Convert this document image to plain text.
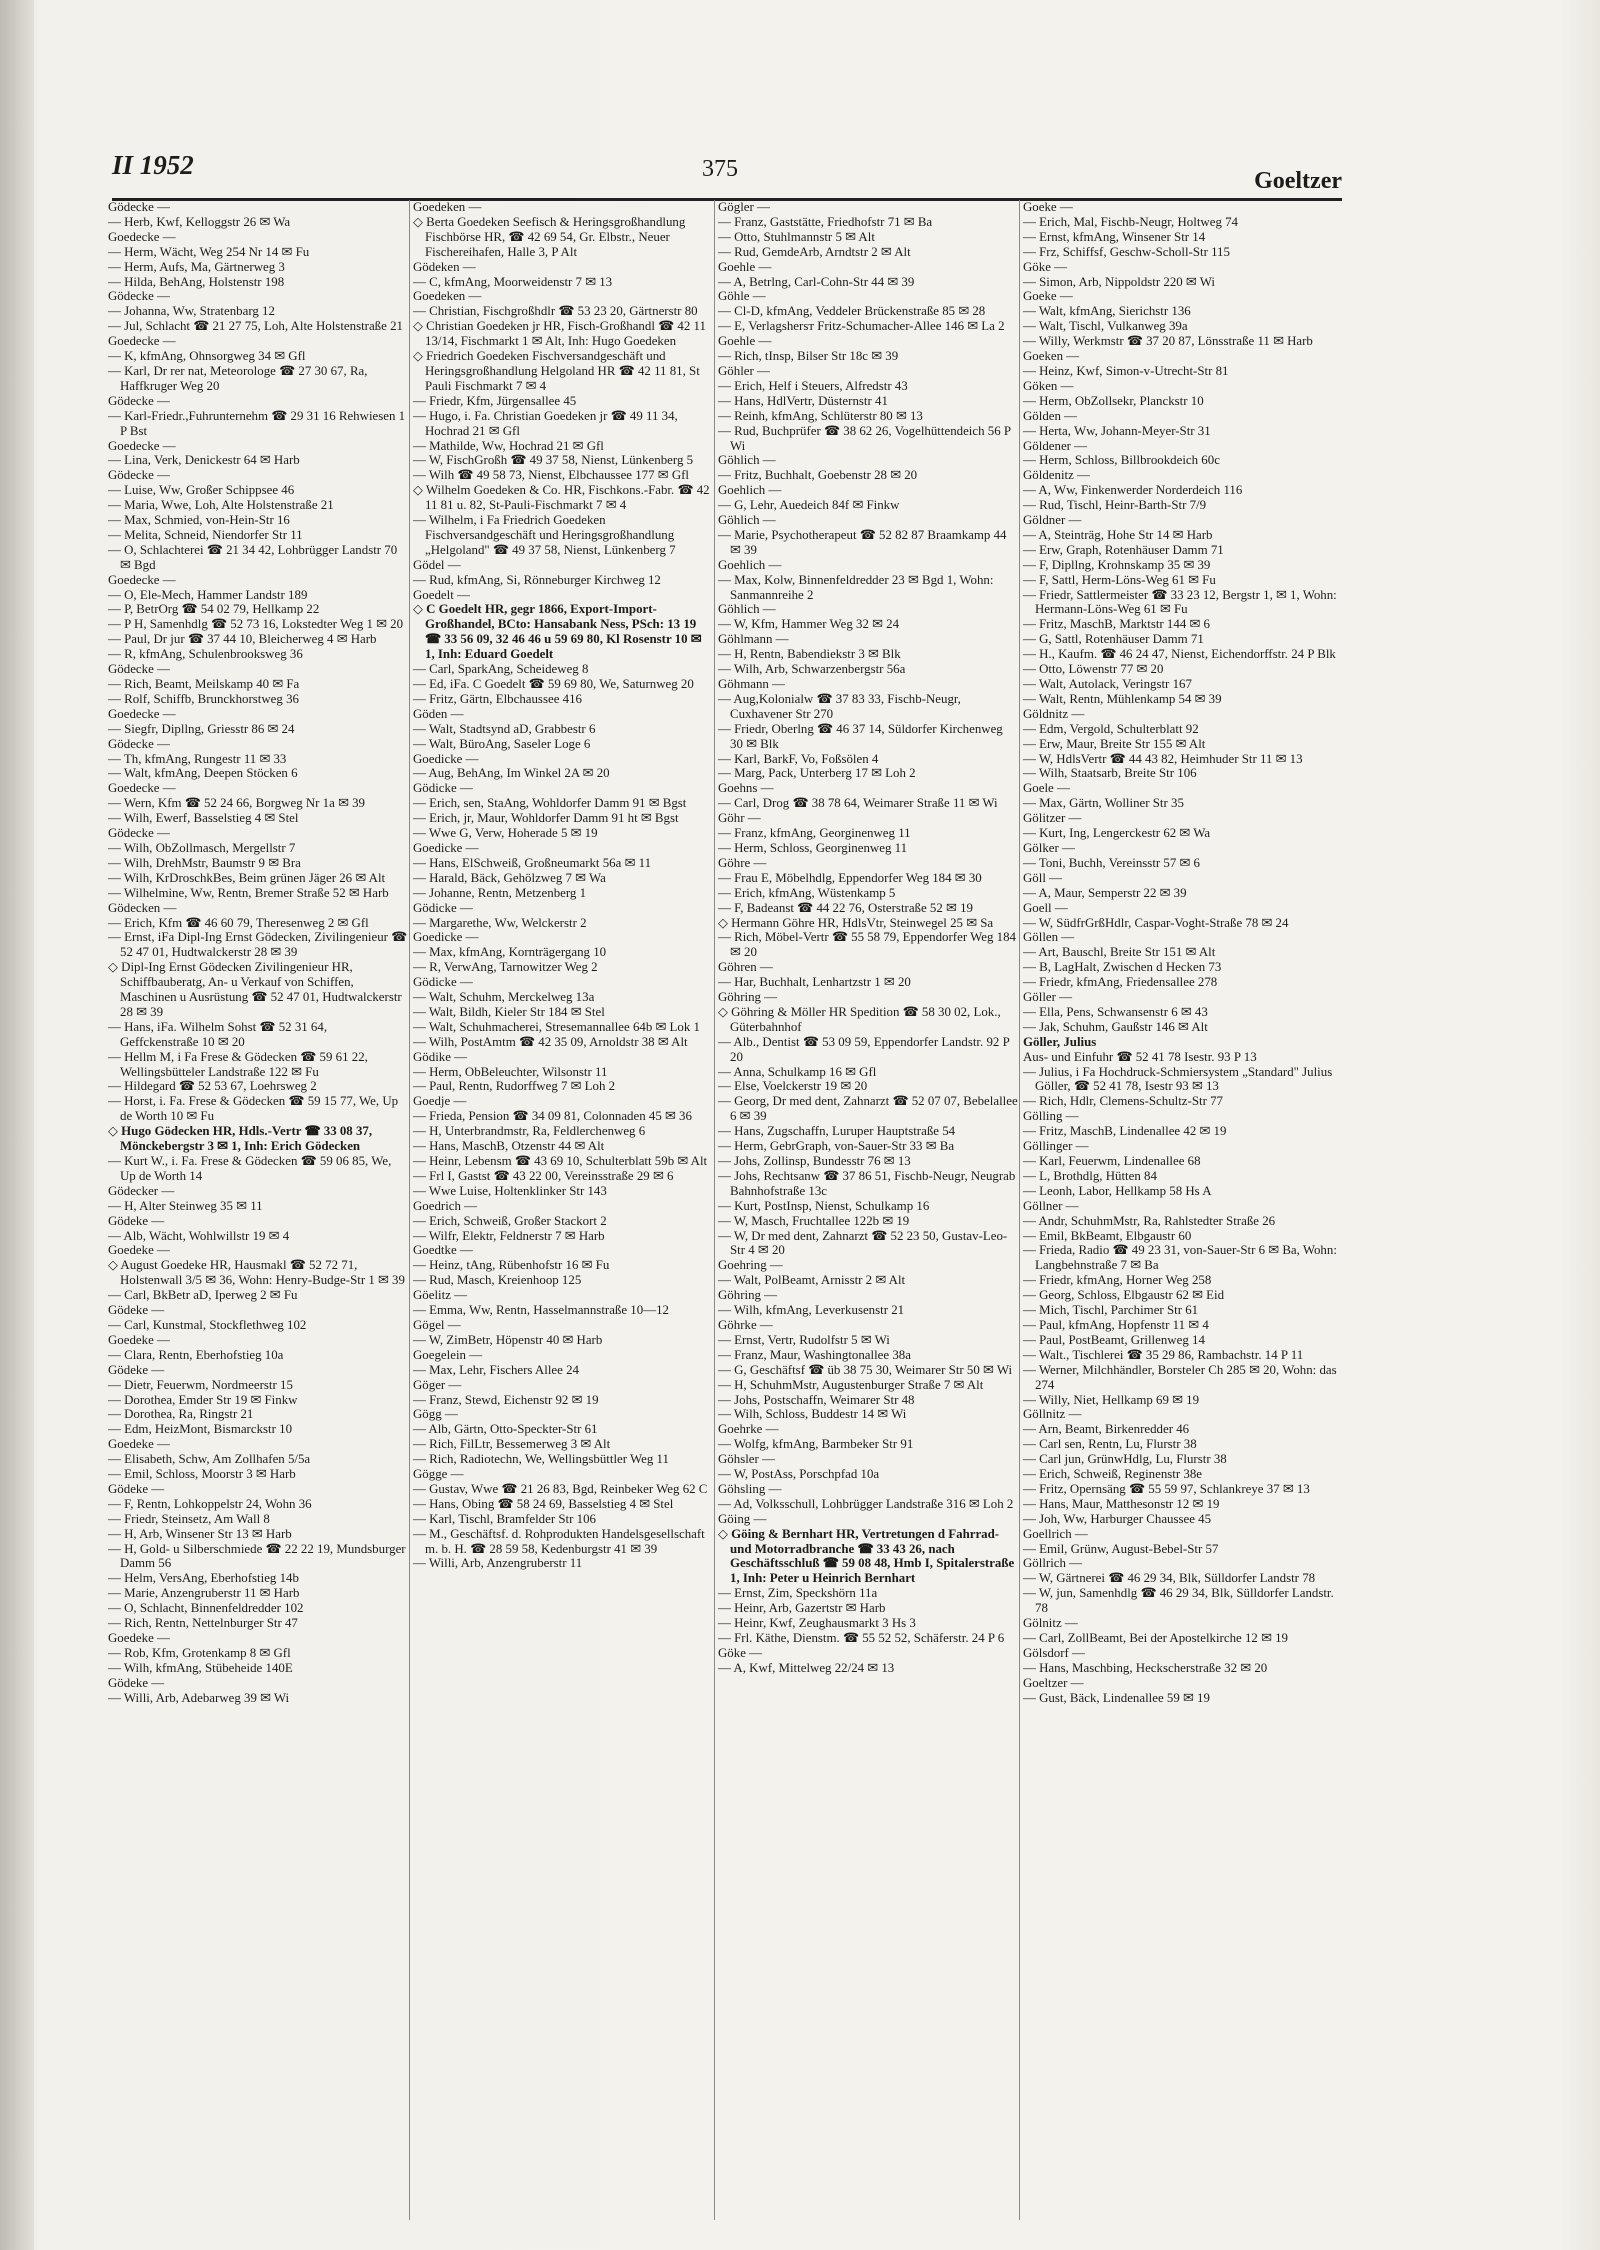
II 1952	375	Goeltzer
Gödecke —
— Herb, Kwf, Kelloggstr 26 ✉ Wa
Goedecke —
— Herm, Wächt, Weg 254 Nr 14 ✉ Fu
— Herm, Aufs, Ma, Gärtnerweg 3
— Hilda, BehAng, Holstenstr 198
Gödecke —
— Johanna, Ww, Stratenbarg 12
— Jul, Schlacht ☎ 21 27 75, Loh, Alte Holstenstraße 21
Goedecke —
— K, kfmAng, Ohnsorgweg 34 ✉ Gfl
— Karl, Dr rer nat, Meteorologe ☎ 27 30 67, Ra, Haffkruger Weg 20
Gödecke —
— Karl-Friedr.,Fuhrunternehm ☎ 29 31 16 Rehwiesen 1 P Bst
Goedecke —
— Lina, Verk, Denickestr 64 ✉ Harb
Gödecke —
— Luise, Ww, Großer Schippsee 46
— Maria, Wwe, Loh, Alte Holstenstraße 21
— Max, Schmied, von-Hein-Str 16
— Melita, Schneid, Niendorfer Str 11
— O, Schlachterei ☎ 21 34 42, Lohbrügger Landstr 70 ✉ Bgd
Goedecke —
— O, Ele-Mech, Hammer Landstr 189
— P, BetrOrg ☎ 54 02 79, Hellkamp 22
— P H, Samenhdlg ☎ 52 73 16, Lokstedter Weg 1 ✉ 20
— Paul, Dr jur ☎ 37 44 10, Bleicherweg 4 ✉ Harb
— R, kfmAng, Schulenbrooksweg 36
Gödecke —
— Rich, Beamt, Meilskamp 40 ✉ Fa
— Rolf, Schiffb, Brunckhorstweg 36
Goedecke —
— Siegfr, Dipllng, Griesstr 86 ✉ 24
Gödecke —
— Th, kfmAng, Rungestr 11 ✉ 33
— Walt, kfmAng, Deepen Stöcken 6
Goedecke —
— Wern, Kfm ☎ 52 24 66, Borgweg Nr 1a ✉ 39
— Wilh, Ewerf, Basselstieg 4 ✉ Stel
Gödecke —
— Wilh, ObZollmasch, Mergellstr 7
— Wilh, DrehMstr, Baumstr 9 ✉ Bra
— Wilh, KrDroschkBes, Beim grünen Jäger 26 ✉ Alt
— Wilhelmine, Ww, Rentn, Bremer Straße 52 ✉ Harb
Gödecken —
— Erich, Kfm ☎ 46 60 79, Theresenweg 2 ✉ Gfl
— Ernst, iFa Dipl-Ing Ernst Gödecken, Zivilingenieur ☎ 52 47 01, Hudtwalckerstr 28 ✉ 39
◇ Dipl-Ing Ernst Gödecken Zivilingenieur HR, Schiffbauberatg, An- u Verkauf von Schiffen, Maschinen u Ausrüstung ☎ 52 47 01, Hudtwalckerstr 28 ✉ 39
— Hans, iFa. Wilhelm Sohst ☎ 52 31 64, Geffckenstraße 10 ✉ 20
— Hellm M, i Fa Frese & Gödecken ☎ 59 61 22, Wellingsbütteler Landstraße 122 ✉ Fu
— Hildegard ☎ 52 53 67, Loehrsweg 2
— Horst, i. Fa. Frese & Gödecken ☎ 59 15 77, We, Up de Worth 10 ✉ Fu
◇ Hugo Gödecken HR, Hdls.-Vertr ☎ 33 08 37, Mönckebergstr 3 ✉ 1, Inh: Erich Gödecken
— Kurt W., i. Fa. Frese & Gödecken ☎ 59 06 85, We, Up de Worth 14
Gödecker —
— H, Alter Steinweg 35 ✉ 11
Gödeke —
— Alb, Wächt, Wohlwillstr 19 ✉ 4
Goedeke —
◇ August Goedeke HR, Hausmakl ☎ 52 72 71, Holstenwall 3/5 ✉ 36, Wohn: Henry-Budge-Str 1 ✉ 39
— Carl, BkBetr aD, Iperweg 2 ✉ Fu
Gödeke —
— Carl, Kunstmal, Stockflethweg 102
Goedeke —
— Clara, Rentn, Eberhofstieg 10a
Gödeke —
— Dietr, Feuerwm, Nordmeerstr 15
— Dorothea, Emder Str 19 ✉ Finkw
— Dorothea, Ra, Ringstr 21
— Edm, HeizMont, Bismarckstr 10
Goedeke —
— Elisabeth, Schw, Am Zollhafen 5/5a
— Emil, Schloss, Moorstr 3 ✉ Harb
Gödeke —
— F, Rentn, Lohkoppelstr 24, Wohn 36
— Friedr, Steinsetz, Am Wall 8
— H, Arb, Winsener Str 13 ✉ Harb
— H, Gold- u Silberschmiede ☎ 22 22 19, Mundsburger Damm 56
— Helm, VersAng, Eberhofstieg 14b
— Marie, Anzengruberstr 11 ✉ Harb
— O, Schlacht, Binnenfeldredder 102
— Rich, Rentn, Nettelnburger Str 47
Goedeke —
— Rob, Kfm, Grotenkamp 8 ✉ Gfl
— Wilh, kfmAng, Stübeheide 140E
Gödeke —
— Willi, Arb, Adebarweg 39 ✉ Wi
Goedeken —
◇ Berta Goedeken Seefisch & Heringsgroßhandlung Fischbörse HR, ☎ 42 69 54, Gr. Elbstr., Neuer Fischereihafen, Halle 3, P Alt
Gödeken —
— C, kfmAng, Moorweidenstr 7 ✉ 13
Goedeken —
— Christian, Fischgroßhdlr ☎ 53 23 20, Gärtnerstr 80
◇ Christian Goedeken jr HR, Fisch-Großhandl ☎ 42 11 13/14, Fischmarkt 1 ✉ Alt, Inh: Hugo Goedeken
◇ Friedrich Goedeken Fischversandgeschäft und Heringsgroßhandlung Helgoland HR ☎ 42 11 81, St Pauli Fischmarkt 7 ✉ 4
— Friedr, Kfm, Jürgensallee 45
— Hugo, i. Fa. Christian Goedeken jr ☎ 49 11 34, Hochrad 21 ✉ Gfl
— Mathilde, Ww, Hochrad 21 ✉ Gfl
— W, FischGroßh ☎ 49 37 58, Nienst, Lünkenberg 5
— Wilh ☎ 49 58 73, Nienst, Elbchaussee 177 ✉ Gfl
◇ Wilhelm Goedeken & Co. HR, Fischkons.-Fabr. ☎ 42 11 81 u. 82, St-Pauli-Fischmarkt 7 ✉ 4
— Wilhelm, i Fa Friedrich Goedeken Fischversandgeschäft und Heringsgroßhandlung „Helgoland" ☎ 49 37 58, Nienst, Lünkenberg 7
Gödel —
— Rud, kfmAng, Si, Rönneburger Kirchweg 12
Goedelt —
◇ C Goedelt HR, gegr 1866, Export-Import-Großhandel, BCto: Hansabank Ness, PSch: 13 19 ☎ 33 56 09, 32 46 46 u 59 69 80, Kl Rosenstr 10 ✉ 1, Inh: Eduard Goedelt
— Carl, SparkAng, Scheideweg 8
— Ed, iFa. C Goedelt ☎ 59 69 80, We, Saturnweg 20
— Fritz, Gärtn, Elbchaussee 416
Göden —
— Walt, Stadtsynd aD, Grabbestr 6
— Walt, BüroAng, Saseler Loge 6
Goedicke —
— Aug, BehAng, Im Winkel 2A ✉ 20
Gödicke —
— Erich, sen, StaAng, Wohldorfer Damm 91 ✉ Bgst
— Erich, jr, Maur, Wohldorfer Damm 91 ht ✉ Bgst
— Wwe G, Verw, Hoherade 5 ✉ 19
Goedicke —
— Hans, ElSchweiß, Großneumarkt 56a ✉ 11
— Harald, Bäck, Gehölzweg 7 ✉ Wa
— Johanne, Rentn, Metzenberg 1
Gödicke —
— Margarethe, Ww, Welckerstr 2
Goedicke —
— Max, kfmAng, Kornträgergang 10
— R, VerwAng, Tarnowitzer Weg 2
Gödicke —
— Walt, Schuhm, Merckelweg 13a
— Walt, Bildh, Kieler Str 184 ✉ Stel
— Walt, Schuhmacherei, Stresemannallee 64b ✉ Lok 1
— Wilh, PostAmtm ☎ 42 35 09, Arnoldstr 38 ✉ Alt
Gödike —
— Herm, ObBeleuchter, Wilsonstr 11
— Paul, Rentn, Rudorffweg 7 ✉ Loh 2
Goedje —
— Frieda, Pension ☎ 34 09 81, Colonnaden 45 ✉ 36
— H, Unterbrandmstr, Ra, Feldlerchenweg 6
— Hans, MaschB, Otzenstr 44 ✉ Alt
— Heinr, Lebensm ☎ 43 69 10, Schulterblatt 59b ✉ Alt
— Frl I, Gastst ☎ 43 22 00, Vereinsstraße 29 ✉ 6
— Wwe Luise, Holtenklinker Str 143
Goedrich —
— Erich, Schweiß, Großer Stackort 2
— Wilfr, Elektr, Feldnerstr 7 ✉ Harb
Goedtke —
— Heinz, tAng, Rübenhofstr 16 ✉ Fu
— Rud, Masch, Kreienhoop 125
Göelitz —
— Emma, Ww, Rentn, Hasselmannstraße 10—12
Gögel —
— W, ZimBetr, Höpenstr 40 ✉ Harb
Goegelein —
— Max, Lehr, Fischers Allee 24
Göger —
— Franz, Stewd, Eichenstr 92 ✉ 19
Gögg —
— Alb, Gärtn, Otto-Speckter-Str 61
— Rich, FilLtr, Bessemerweg 3 ✉ Alt
— Rich, Radiotechn, We, Wellingsbüttler Weg 11
Gögge —
— Gustav, Wwe ☎ 21 26 83, Bgd, Reinbeker Weg 62 C
— Hans, Obing ☎ 58 24 69, Basselstieg 4 ✉ Stel
— Karl, Tischl, Bramfelder Str 106
— M., Geschäftsf. d. Rohprodukten Handelsgesellschaft m. b. H. ☎ 28 59 58, Kedenburgstr 41 ✉ 39
— Willi, Arb, Anzengruberstr 11
Gögler —
— Franz, Gaststätte, Friedhofstr 71 ✉ Ba
— Otto, Stuhlmannstr 5 ✉ Alt
— Rud, GemdeArb, Arndtstr 2 ✉ Alt
Goehle —
— A, Betrlng, Carl-Cohn-Str 44 ✉ 39
Göhle —
— Cl-D, kfmAng, Veddeler Brückenstraße 85 ✉ 28
— E, Verlagshersт Fritz-Schumacher-Allee 146 ✉ La 2
Goehle —
— Rich, tInsp, Bilser Str 18c ✉ 39
Göhler —
— Erich, Helf i Steuers, Alfredstr 43
— Hans, HdlVertr, Düsternstr 41
— Reinh, kfmAng, Schlüterstr 80 ✉ 13
— Rud, Buchprüfer ☎ 38 62 26, Vogelhüttendeich 56 P Wi
Göhlich —
— Fritz, Buchhalt, Goebenstr 28 ✉ 20
Goehlich —
— G, Lehr, Auedeich 84f ✉ Finkw
Göhlich —
— Marie, Psychotherapeut ☎ 52 82 87 Braamkamp 44 ✉ 39
Goehlich —
— Max, Kolw, Binnenfeldredder 23 ✉ Bgd 1, Wohn: Sanmannreihe 2
Göhlich —
— W, Kfm, Hammer Weg 32 ✉ 24
Göhlmann —
— H, Rentn, Babendiekstr 3 ✉ Blk
— Wilh, Arb, Schwarzenbergstr 56a
Göhmann —
— Aug,Kolonialw ☎ 37 83 33, Fischb-Neugr, Cuxhavener Str 270
— Friedr, Oberlng ☎ 46 37 14, Süldorfer Kirchenweg 30 ✉ Blk
— Karl, BarkF, Vo, Foßsölen 4
— Marg, Pack, Unterberg 17 ✉ Loh 2
Goehns —
— Carl, Drog ☎ 38 78 64, Weimarer Straße 11 ✉ Wi
Göhr —
— Franz, kfmAng, Georginenweg 11
— Herm, Schloss, Georginenweg 11
Göhre —
— Frau E, Möbelhdlg, Eppendorfer Weg 184 ✉ 30
— Erich, kfmAng, Wüstenkamp 5
— F, Badeanst ☎ 44 22 76, Osterstraße 52 ✉ 19
◇ Hermann Göhre HR, HdlsVtr, Steinwegel 25 ✉ Sa
— Rich, Möbel-Vertr ☎ 55 58 79, Eppendorfer Weg 184 ✉ 20
Göhren —
— Har, Buchhalt, Lenhartzstr 1 ✉ 20
Göhring —
◇ Göhring & Möller HR Spedition ☎ 58 30 02, Lok., Güterbahnhof
— Alb., Dentist ☎ 53 09 59, Eppendorfer Landstr. 92 P 20
— Anna, Schulkamp 16 ✉ Gfl
— Else, Voelckerstr 19 ✉ 20
— Georg, Dr med dent, Zahnarzt ☎ 52 07 07, Bebelallee 6 ✉ 39
— Hans, Zugschaffn, Luruper Hauptstraße 54
— Herm, GebrGraph, von-Sauer-Str 33 ✉ Ba
— Johs, Zollinsp, Bundesstr 76 ✉ 13
— Johs, Rechtsanw ☎ 37 86 51, Fischb-Neugr, Neugrab Bahnhofstraße 13c
— Kurt, PostInsp, Nienst, Schulkamp 16
— W, Masch, Fruchtallee 122b ✉ 19
— W, Dr med dent, Zahnarzt ☎ 52 23 50, Gustav-Leo-Str 4 ✉ 20
Goehring —
— Walt, PolBeamt, Arnisstr 2 ✉ Alt
Göhring —
— Wilh, kfmAng, Leverkusenstr 21
Göhrke —
— Ernst, Vertr, Rudolfstr 5 ✉ Wi
— Franz, Maur, Washingtonallee 38a
— G, Geschäftsf ☎ üb 38 75 30, Weimarer Str 50 ✉ Wi
— H, SchuhmMstr, Augustenburger Straße 7 ✉ Alt
— Johs, Postschaffn, Weimarer Str 48
— Wilh, Schloss, Buddestr 14 ✉ Wi
Goehrke —
— Wolfg, kfmAng, Barmbeker Str 91
Göhsler —
— W, PostAss, Porschpfad 10a
Göhsling —
— Ad, Volksschull, Lohbrügger Landstraße 316 ✉ Loh 2
Göing —
◇ Göing & Bernhart HR, Vertretungen d Fahrrad- und Motorradbranche ☎ 33 43 26, nach Geschäftsschluß ☎ 59 08 48, Hmb I, Spitalerstraße 1, Inh: Peter u Heinrich Bernhart
— Ernst, Zim, Speckshörn 11a
— Heinr, Arb, Gazertstr ✉ Harb
— Heinr, Kwf, Zeughausmarkt 3 Hs 3
— Frl. Käthe, Dienstm. ☎ 55 52 52, Schäferstr. 24 P 6
Göke —
— A, Kwf, Mittelweg 22/24 ✉ 13
Goeke —
— Erich, Mal, Fischb-Neugr, Holtweg 74
— Ernst, kfmAng, Winsener Str 14
— Frz, Schiffsf, Geschw-Scholl-Str 115
Göke —
— Simon, Arb, Nippoldstr 220 ✉ Wi
Goeke —
— Walt, kfmAng, Sierichstr 136
— Walt, Tischl, Vulkanweg 39a
— Willy, Werkmstr ☎ 37 20 87, Lönsstraße 11 ✉ Harb
Goeken —
— Heinz, Kwf, Simon-v-Utrecht-Str 81
Göken —
— Herm, ObZollsekr, Planckstr 10
Gölden —
— Herta, Ww, Johann-Meyer-Str 31
Göldener —
— Herm, Schloss, Billbrookdeich 60c
Göldenitz —
— A, Ww, Finkenwerder Norderdeich 116
— Rud, Tischl, Heinr-Barth-Str 7/9
Göldner —
— A, Steinträg, Hohe Str 14 ✉ Harb
— Erw, Graph, Rotenhäuser Damm 71
— F, Dipllng, Krohnskamp 35 ✉ 39
— F, Sattl, Herm-Löns-Weg 61 ✉ Fu
— Friedr, Sattlermeister ☎ 33 23 12, Bergstr 1, ✉ 1, Wohn: Hermann-Löns-Weg 61 ✉ Fu
— Fritz, MaschB, Marktstr 144 ✉ 6
— G, Sattl, Rotenhäuser Damm 71
— H., Kaufm. ☎ 46 24 47, Nienst, Eichendorffstr. 24 P Blk
— Otto, Löwenstr 77 ✉ 20
— Walt, Autolack, Veringstr 167
— Walt, Rentn, Mühlenkamp 54 ✉ 39
Göldnitz —
— Edm, Vergold, Schulterblatt 92
— Erw, Maur, Breite Str 155 ✉ Alt
— W, HdlsVertr ☎ 44 43 82, Heimhuder Str 11 ✉ 13
— Wilh, Staatsarb, Breite Str 106
Goele —
— Max, Gärtn, Wolliner Str 35
Gölitzer —
— Kurt, Ing, Lengerckestr 62 ✉ Wa
Gölker —
— Toni, Buchh, Vereinsstr 57 ✉ 6
Göll —
— A, Maur, Semperstr 22 ✉ 39
Goell —
— W, SüdfrGrßHdlr, Caspar-Voght-Straße 78 ✉ 24
Göllen —
— Art, Bauschl, Breite Str 151 ✉ Alt
— B, LagHalt, Zwischen d Hecken 73
— Friedr, kfmAng, Friedensallee 278
Göller —
— Ella, Pens, Schwansenstr 6 ✉ 43
— Jak, Schuhm, Gaußstr 146 ✉ Alt
Göller, Julius
Aus- und Einfuhr ☎ 52 41 78 Isestr. 93 P 13
— Julius, i Fa Hochdruck-Schmiersystem „Standard" Julius Göller, ☎ 52 41 78, Isestr 93 ✉ 13
— Rich, Hdlr, Clemens-Schultz-Str 77
Gölling —
— Fritz, MaschB, Lindenallee 42 ✉ 19
Göllinger —
— Karl, Feuerwm, Lindenallee 68
— L, Brothdlg, Hütten 84
— Leonh, Labor, Hellkamp 58 Hs A
Göllner —
— Andr, SchuhmMstr, Ra, Rahlstedter Straße 26
— Emil, BkBeamt, Elbgaustr 60
— Frieda, Radio ☎ 49 23 31, von-Sauer-Str 6 ✉ Ba, Wohn: Langbehnstraße 7 ✉ Ba
— Friedr, kfmAng, Horner Weg 258
— Georg, Schloss, Elbgaustr 62 ✉ Eid
— Mich, Tischl, Parchimer Str 61
— Paul, kfmAng, Hopfenstr 11 ✉ 4
— Paul, PostBeamt, Grillenweg 14
— Walt., Tischlerei ☎ 35 29 86, Rambachstr. 14 P 11
— Werner, Milchhändler, Borsteler Ch 285 ✉ 20, Wohn: das 274
— Willy, Niet, Hellkamp 69 ✉ 19
Göllnitz —
— Arn, Beamt, Birkenredder 46
— Carl sen, Rentn, Lu, Flurstr 38
— Carl jun, GrünwHdlg, Lu, Flurstr 38
— Erich, Schweiß, Reginenstr 38e
— Fritz, Opernsäng ☎ 55 59 97, Schlankreye 37 ✉ 13
— Hans, Maur, Matthesonstr 12 ✉ 19
— Joh, Ww, Harburger Chaussee 45
Goellrich —
— Emil, Grünw, August-Bebel-Str 57
Göllrich —
— W, Gärtnerei ☎ 46 29 34, Blk, Sülldorfer Landstr 78
— W, jun, Samenhdlg ☎ 46 29 34, Blk, Sülldorfer Landstr. 78
Gölnitz —
— Carl, ZollBeamt, Bei der Apostelkirche 12 ✉ 19
Gölsdorf —
— Hans, Maschbing, Heckscherstraße 32 ✉ 20
Goeltzer —
— Gust, Bäck, Lindenallee 59 ✉ 19
